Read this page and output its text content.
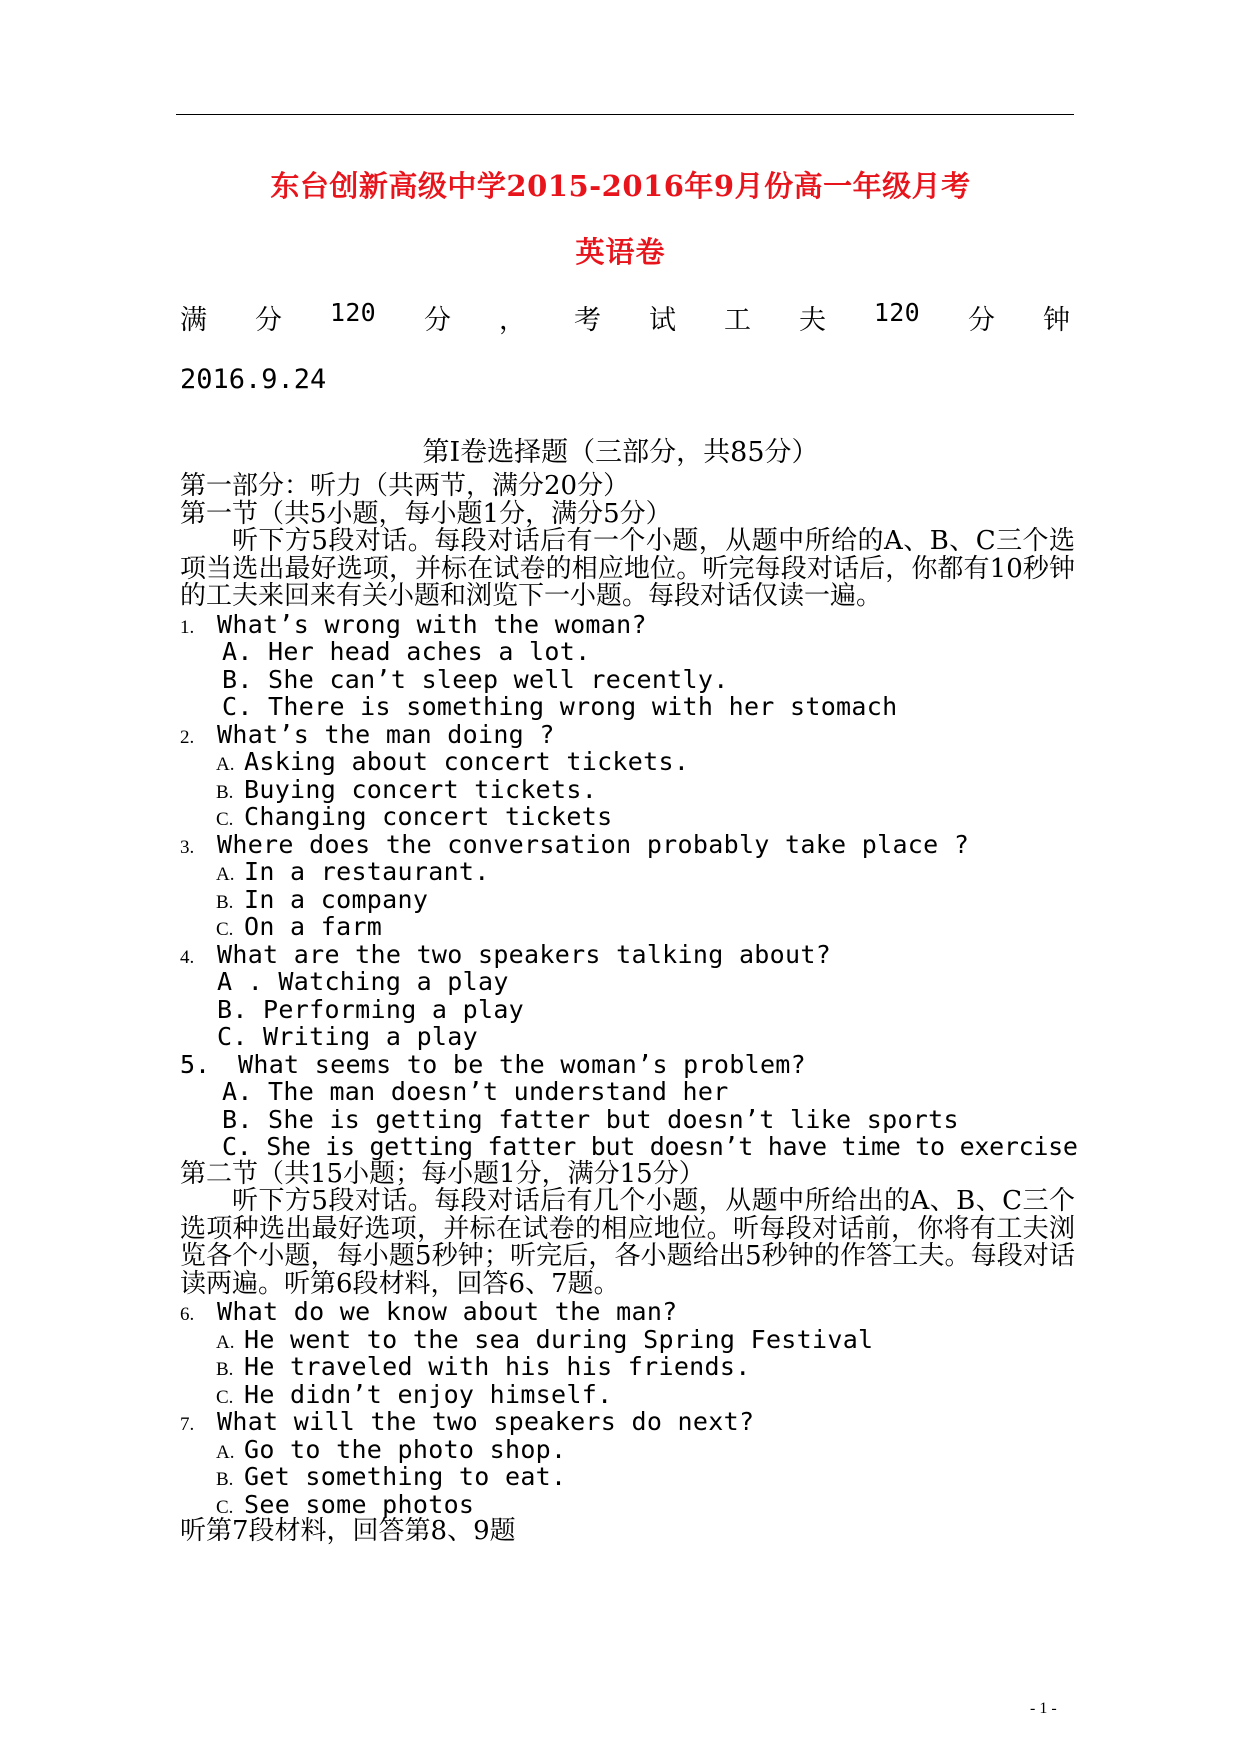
东台创新高级中学2015-2016年9月份高一年级月考
英语卷
满 分 120 分 ， 考 试 工 夫 120 分 钟
2016.9.24
第Ⅰ卷选择题（三部分，共85分）
第一部分：听力（共两节，满分20分）
第一节（共5小题，每小题1分，满分5分）
听下方5段对话。每段对话后有一个小题，从题中所给的A、B、C三个选项当选出最好选项，并标在试卷的相应地位。听完每段对话后，你都有10秒钟的工夫来回来有关小题和浏览下一小题。每段对话仅读一遍。
1. What’s wrong with the woman?
A. Her head aches a lot.
B. She can’t sleep well recently.
C. There is something wrong with her stomach
2. What’s the man doing ?
A. Asking about concert tickets.
B. Buying concert tickets.
C. Changing concert tickets
3. Where does the conversation probably take place ?
A. In a restaurant.
B. In a company
C. On a farm
4. What are the two speakers talking about?
A . Watching a play
B. Performing a play
C. Writing a play
5. What seems to be the woman’s problem?
A. The man doesn’t understand her
B. She is getting fatter but doesn’t like sports
C. She is getting fatter but doesn’t have time to exercise
第二节（共15小题；每小题1分，满分15分）
听下方5段对话。每段对话后有几个小题，从题中所给出的A、B、C三个选项种选出最好选项，并标在试卷的相应地位。听每段对话前，你将有工夫浏览各个小题，每小题5秒钟；听完后，各小题给出5秒钟的作答工夫。每段对话读两遍。听第6段材料，回答6、7题。
6. What do we know about the man?
A. He went to the sea during Spring Festival
B. He traveled with his his friends.
C. He didn’t enjoy himself.
7. What will the two speakers do next?
A. Go to the photo shop.
B. Get something to eat.
C. See some photos
听第7段材料，回答第8、9题
- 1 -
